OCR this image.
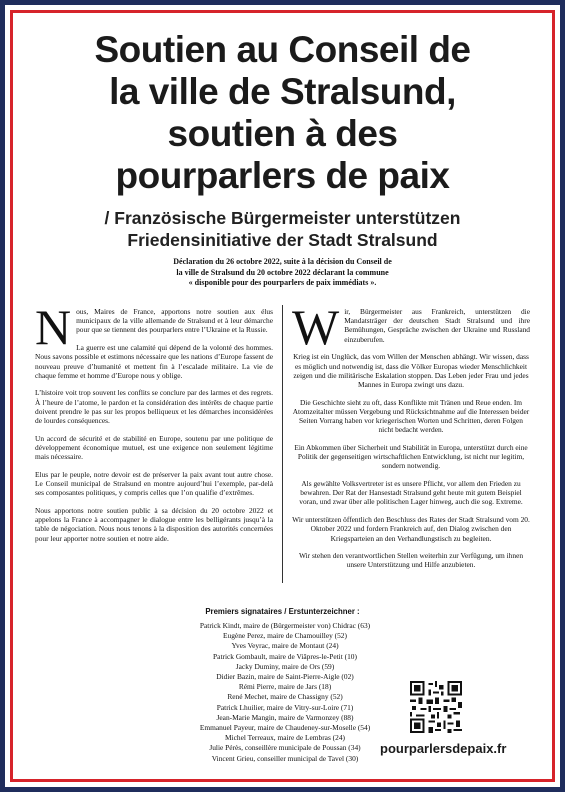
Soutien au Conseil de
la ville de Stralsund,
soutien à des
pourparlers de paix
/ Französische Bürgermeister unterstützen
Friedensinitiative der Stadt Stralsund
Déclaration du 26 octobre 2022, suite à la décision du Conseil de
la ville de Stralsund du 20 octobre 2022 déclarant la commune
« disponible pour des pourparlers de paix immédiats ».

Nous, Maires de France, apportons notre soutien aux élus municipaux de la ville allemande de Stralsund et à leur démarche pour que se tiennent des pourparlers entre l’Ukraine et la Russie.

La guerre est une calamité qui dépend de la volonté des hommes. Nous savons possible et estimons nécessaire que les nations d’Europe fassent de nouveau preuve d’humanité et mettent fin à l’escalade militaire. La vie de chaque femme et homme d’Europe nous y oblige.

L’histoire voit trop souvent les conflits se conclure par des larmes et des regrets. À l’heure de l’atome, le pardon et la considération des intérêts de chaque partie doivent prendre le pas sur les propos belliqueux et les démarches inconsidérées de lourdes conséquences.

Un accord de sécurité et de stabilité en Europe, soutenu par une politique de développement économique mutuel, est une exigence non seulement légitime mais nécessaire.

Elus par le peuple, notre devoir est de préserver la paix avant tout autre chose. Le Conseil municipal de Stralsund en montre aujourd’hui l’exemple, par-delà ses composantes politiques, y compris celles que l’on qualifie d’extrêmes.

Nous apportons notre soutien public à sa décision du 20 octobre 2022 et appelons la France à accompagner le dialogue entre les belligérants jusqu’à la table de négociation. Nous nous tenons à la disposition des autorités concernées pour leur apporter notre soutien et notre aide.

Wir, Bürgermeister aus Frankreich, unterstützen die Mandatsträger der deutschen Stadt Stralsund und ihre Bemühungen, Gespräche zwischen der Ukraine und Russland einzuberufen.

Krieg ist ein Unglück, das vom Willen der Menschen abhängt. Wir wissen, dass es möglich und notwendig ist, dass die Völker Europas wieder Menschlichkeit zeigen und die militärische Eskalation stoppen. Das Leben jeder Frau und jedes Mannes in Europa zwingt uns dazu.

Die Geschichte sieht zu oft, dass Konflikte mit Tränen und Reue enden. Im Atomzeitalter müssen Vergebung und Rücksichtnahme auf die Interessen beider Seiten Vorrang haben vor kriegerischen Worten und Schritten, deren Folgen nicht bedacht werden.

Ein Abkommen über Sicherheit und Stabilität in Europa, unterstützt durch eine Politik der gegenseitigen wirtschaftlichen Entwicklung, ist nicht nur legitim, sondern notwendig.

Als gewählte Volksvertreter ist es unsere Pflicht, vor allem den Frieden zu bewahren. Der Rat der Hansestadt Stralsund geht heute mit gutem Beispiel voran, und zwar über alle politischen Lager hinweg, auch die sog. Extreme.

Wir unterstützen öffentlich den Beschluss des Rates der Stadt Stralsund vom 20. Oktober 2022 und fordern Frankreich auf, den Dialog zwischen den Kriegsparteien an den Verhandlungstisch zu begleiten.

Wir stehen den verantwortlichen Stellen weiterhin zur Verfügung, um ihnen unsere Unterstützung und Hilfe anzubieten.

Premiers signataires / Erstunterzeichner :
Patrick Kindt, maire de (Bürgermeister von) Chidrac (63)
Eugène Perez, maire de Chamouilley (52)
Yves Veyrac, maire de Montaut (24)
Patrick Gombault, maire de Viâpres-le-Petit (10)
Jacky Duminy, maire de Ors (59)
Didier Bazin, maire de Saint-Pierre-Aigle (02)
Rémi Pierre, maire de Jars (18)
René Mechet, maire de Chassigny (52)
Patrick Lhuilier, maire de Vitry-sur-Loire (71)
Jean-Marie Mangin, maire de Varmonzey (88)
Emmanuel Payeur, maire de Chaudeney-sur-Moselle (54)
Michel Terreaux, maire de Lembras (24)
Julie Pérès, conseillère municipale de Poussan (34)
Vincent Grieu, conseiller municipal de Tavel (30)
pourparlersdepaix.fr
